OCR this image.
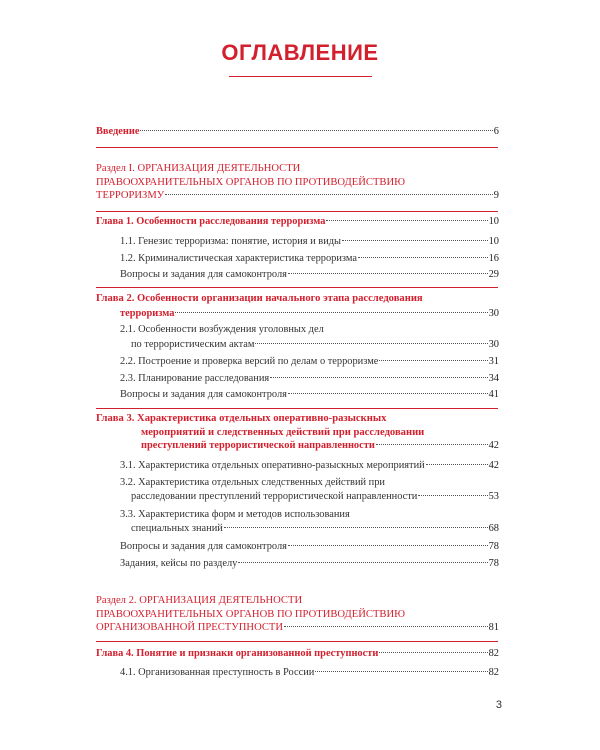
ОГЛАВЛЕНИЕ
Введение	6
Раздел I. ОРГАНИЗАЦИЯ ДЕЯТЕЛЬНОСТИ
ПРАВООХРАНИТЕЛЬНЫХ ОРГАНОВ ПО ПРОТИВОДЕЙСТВИЮ
ТЕРРОРИЗМУ	9
Глава 1. Особенности расследования терроризма	10
1.1. Генезис терроризма: понятие, история и виды	10
1.2. Криминалистическая характеристика терроризма	16
Вопросы и задания для самоконтроля	29
Глава 2. Особенности организации начального этапа расследования
терроризма	30
2.1. Особенности возбуждения уголовных дел
по террористическим актам	30
2.2. Построение и проверка версий по делам о терроризме	31
2.3. Планирование расследования	34
Вопросы и задания для самоконтроля	41
Глава 3. Характеристика отдельных оперативно-разыскных
мероприятий и следственных действий при расследовании
преступлений террористической направленности	42
3.1. Характеристика отдельных оперативно-разыскных мероприятий	42
3.2. Характеристика отдельных следственных действий при
расследовании преступлений террористической направленности	53
3.3. Характеристика форм и методов использования
специальных знаний	68
Вопросы и задания для самоконтроля	78
Задания, кейсы по разделу	78
Раздел 2. ОРГАНИЗАЦИЯ ДЕЯТЕЛЬНОСТИ
ПРАВООХРАНИТЕЛЬНЫХ ОРГАНОВ ПО ПРОТИВОДЕЙСТВИЮ
ОРГАНИЗОВАННОЙ ПРЕСТУПНОСТИ	81
Глава 4. Понятие и признаки организованной преступности	82
4.1. Организованная преступность в России	82
3
